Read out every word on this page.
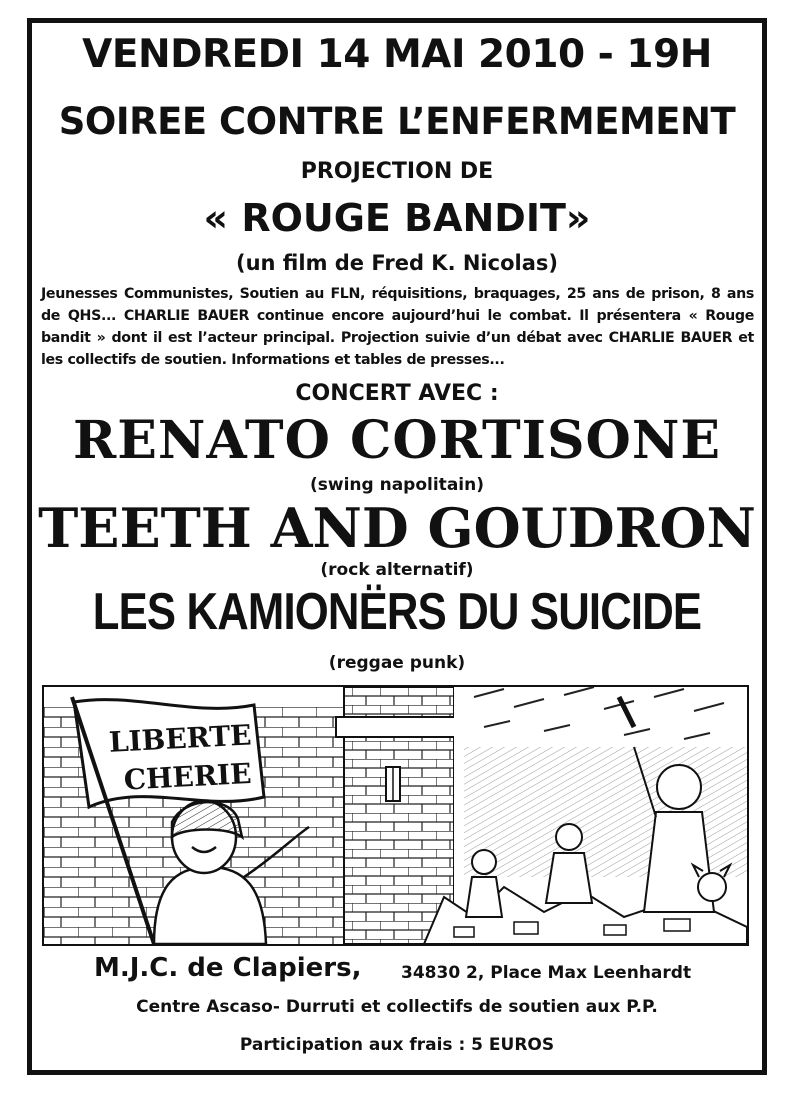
VENDREDI 14 MAI 2010 - 19H
SOIREE CONTRE L’ENFERMEMENT
PROJECTION DE
« ROUGE BANDIT»
(un film de Fred K. Nicolas)
Jeunesses Communistes, Soutien au FLN, réquisitions, braquages, 25 ans de prison, 8 ans de QHS... CHARLIE BAUER continue encore aujourd’hui le combat. Il présentera « Rouge bandit » dont il est l’acteur principal. Projection suivie d’un débat avec CHARLIE BAUER et les collectifs de soutien. Informations et tables de presses...
CONCERT AVEC :
RENATO CORTISONE
(swing napolitain)
TEETH AND GOUDRON
(rock alternatif)
LES KAMIONËRS DU SUICIDE
(reggae punk)
LIBERTE
CHERIE
M.J.C. de Clapiers, 34830 2, Place Max Leenhardt
Centre Ascaso- Durruti et collectifs de soutien aux P.P.
Participation aux frais : 5 EUROS
